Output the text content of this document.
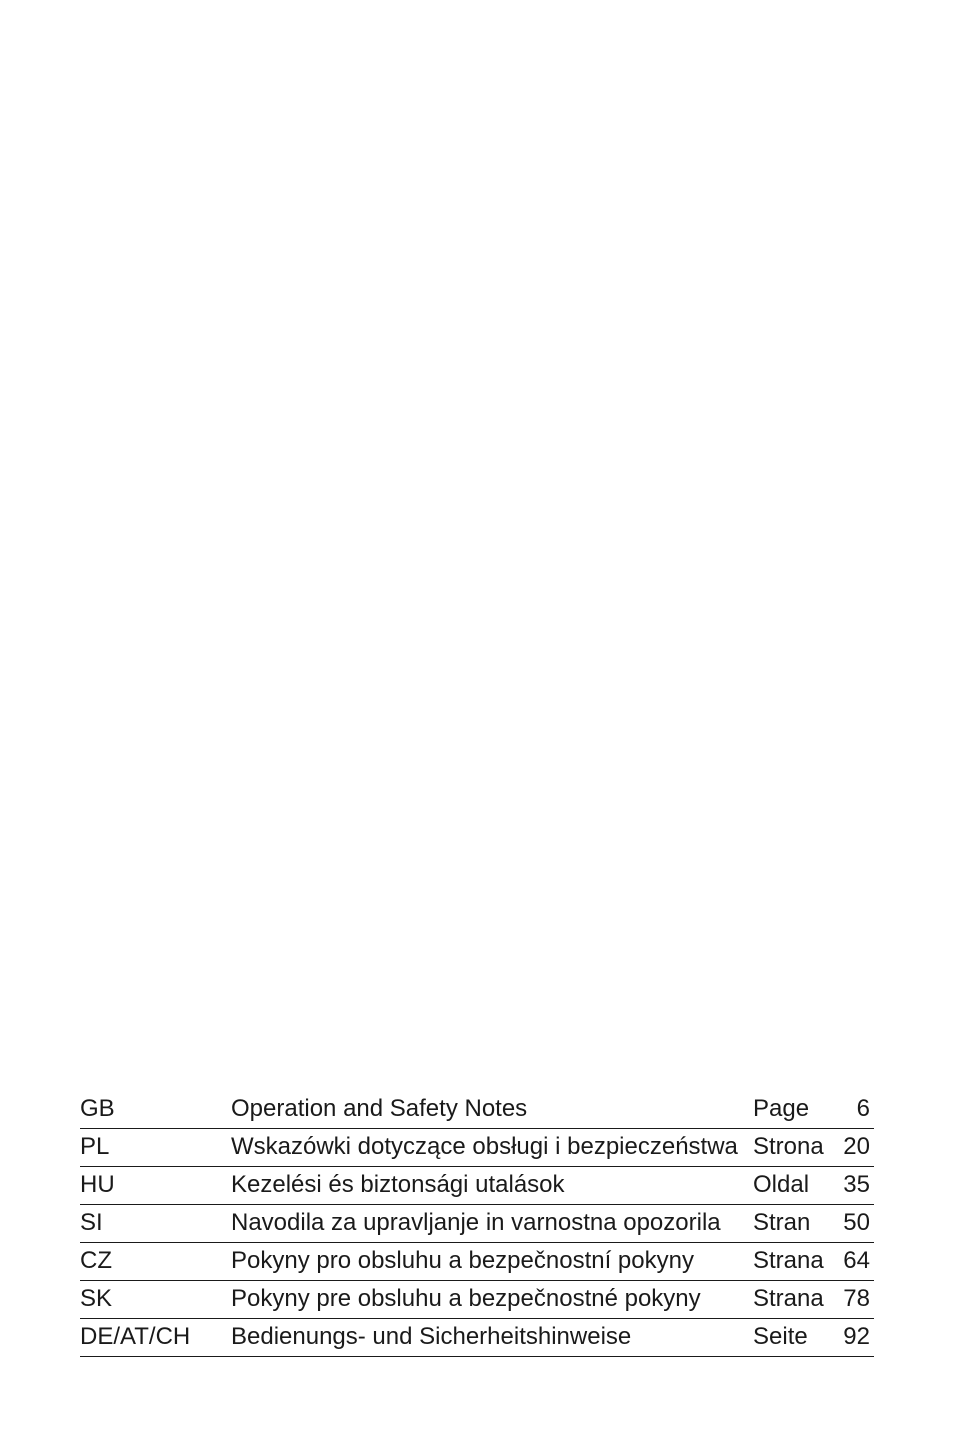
GB	Operation and Safety Notes	Page 6
PL	Wskazówki dotyczące obsługi i bezpieczeństwa Strona 20
HU	Kezelési és biztonsági utalások	Oldal 35
SI	Navodila za upravljanje in varnostna opozorila Stran 50
CZ	Pokyny pro obsluhu a bezpečnostní pokyny Strana 64
SK	Pokyny pre obsluhu a bezpečnostné pokyny Strana 78
DE/AT/CH Bedienungs- und Sicherheitshinweise	Seite 92
